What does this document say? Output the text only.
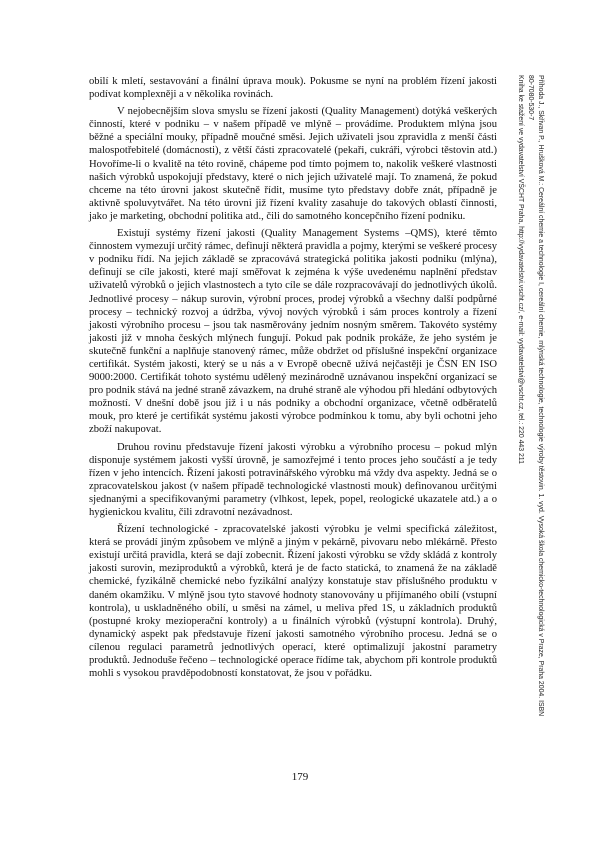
obilí k mletí, sestavování a finální úprava mouk). Pokusme se nyní na problém řízení jakosti podívat komplexněji a v několika rovinách.

V nejobecnějším slova smyslu se řízení jakosti (Quality Management) dotýká veškerých činností, které v podniku – v našem případě ve mlýně – provádíme. Produktem mlýna jsou běžné a speciální mouky, případně moučné směsi. Jejich uživateli jsou zpravidla z menší části malospotřebitelé (domácnosti), z větší části zpracovatelé (pekaři, cukráři, výrobci těstovin atd.) Hovoříme-li o kvalitě na této rovině, chápeme pod tímto pojmem to, nakolik veškeré vlastnosti našich výrobků uspokojují představy, které o nich jejich uživatelé mají. To znamená, že pokud chceme na této úrovni jakost skutečně řídit, musíme tyto představy dobře znát, případně je aktivně spoluvytvářet. Na této úrovni již řízení kvality zasahuje do takových oblastí činnosti, jako je marketing, obchodní politika atd., čili do samotného koncepčního řízení podniku.

Existují systémy řízení jakosti (Quality Management Systems –QMS), které těmto činnostem vymezují určitý rámec, definují některá pravidla a pojmy, kterými se veškeré procesy v podniku řídí. Na jejich základě se zpracovává strategická politika jakosti podniku (mlýna), definují se cíle jakosti, které mají směřovat k zejména k výše uvedenému naplnění představ uživatelů výrobků o jejich vlastnostech a tyto cíle se dále rozpracovávají do jednotlivých úkolů. Jednotlivé procesy – nákup surovin, výrobní proces, prodej výrobků a všechny další podpůrné procesy – technický rozvoj a údržba, vývoj nových výrobků i sám proces kontroly a řízení jakosti výrobního procesu – jsou tak nasměrovány jedním nosným směrem. Takovéto systémy jakosti již v mnoha českých mlýnech fungují. Pokud pak podnik prokáže, že jeho systém je skutečně funkční a naplňuje stanovený rámec, může obdržet od příslušné inspekční organizace certifikát. Systém jakosti, který se u nás a v Evropě obecně užívá nejčastěji je ČSN EN ISO 9000:2000. Certifikát tohoto systému udělený mezinárodně uznávanou inspekční organizací se pro podnik stává na jedné straně závazkem, na druhé straně ale výhodou při hledání odbytových možností. V dnešní době jsou již i u nás podniky a obchodní organizace, včetně odběratelů mouk, pro které je certifikát systému jakosti výrobce podmínkou k tomu, aby byli ochotni jeho zboží nakupovat.

Druhou rovinu představuje řízení jakosti výrobku a výrobního procesu – pokud mlýn disponuje systémem jakosti vyšší úrovně, je samozřejmé i tento proces jeho součástí a je tedy řízen v jeho intencích. Řízení jakosti potravinářského výrobku má vždy dva aspekty. Jedná se o zpracovatelskou jakost (v našem případě technologické vlastnosti mouk) definovanou určitými sjednanými a specifikovanými parametry (vlhkost, lepek, popel, reologické ukazatele atd.) a o hygienickou kvalitu, čili zdravotní nezávadnost.

Řízení technologické - zpracovatelské jakosti výrobku je velmi specifická záležitost, která se provádí jiným způsobem ve mlýně a jiným v pekárně, pivovaru nebo mlékárně. Přesto existují určitá pravidla, která se dají zobecnit. Řízení jakosti výrobku se vždy skládá z kontroly jakosti surovin, meziproduktů a výrobků, která je de facto statická, to znamená že na základě chemické, fyzikálně chemické nebo fyzikální analýzy konstatuje stav příslušného produktu v daném okamžiku. V mlýně jsou tyto stavové hodnoty stanovovány u přijímaného obilí (vstupní kontrola), u uskladněného obilí, u směsi na zámel, u meliva před 1S, u základních produktů (postupné kroky mezioperační kontroly) a u finálních výrobků (výstupní kontrola). Druhý, dynamický aspekt pak představuje řízení jakosti samotného výrobního procesu. Jedná se o cílenou regulaci parametrů jednotlivých operací, které optimalizují jakostní parametry produktů. Jednoduše řečeno – technologické operace řídíme tak, abychom při kontrole produktů mohli s vysokou pravděpodobností konstatovat, že jsou v pořádku.

179
Příhoda J., Skřivan P., Hrušková M.: Cereální chemie a technologie I, cereální chemie, mlýnská technologie, technologie výroby těstovin. 1. vyd. Vysoká škola chemicko-technologická v Praze, Praha 2004. ISBN
80-7080-530-7
Kniha ke stažení ve vydavatelství VŠCHT Praha, http://vydavatelstvi.vscht.cz/, e-mail: vydavatelstvi@vscht.cz, tel.: 220 443 211
